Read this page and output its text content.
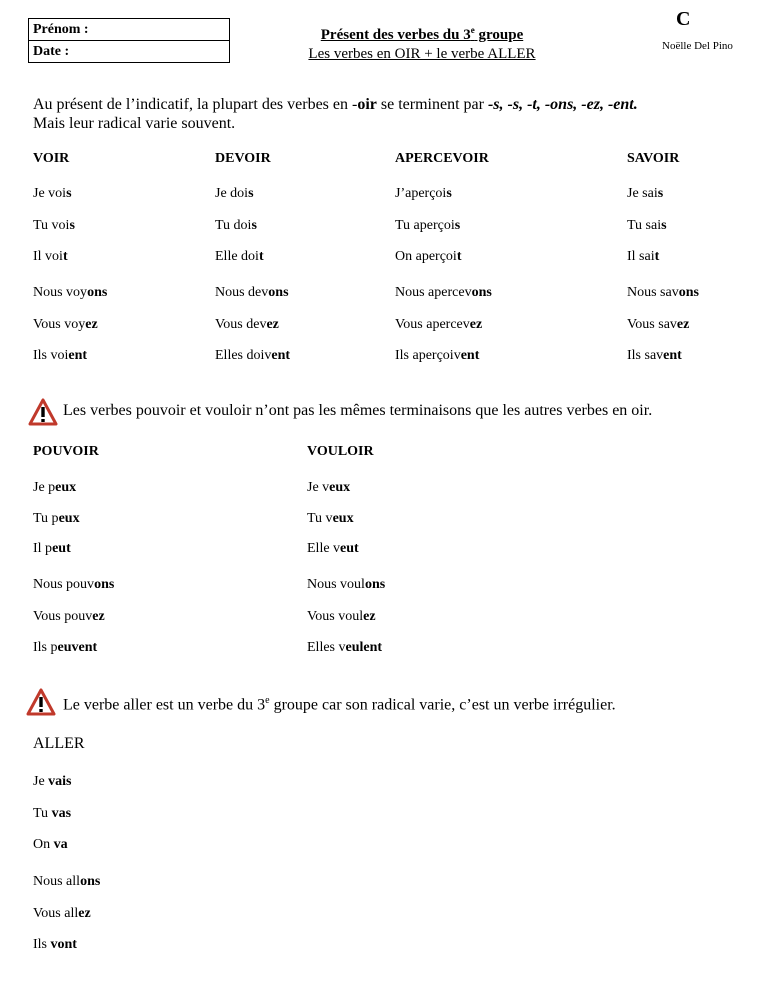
Prénom :
Date :
Présent des verbes du 3e groupe
Les verbes en OIR + le verbe ALLER
C
Noëlle Del Pino
Au présent de l’indicatif, la plupart des verbes en -oir se terminent par -s, -s, -t, -ons, -ez, -ent.
Mais leur radical varie souvent.
VOIR	DEVOIR	APERCEVOIR	SAVOIR
Je vois	Je dois	J’aperçois	Je sais
Tu vois	Tu dois	Tu aperçois	Tu sais
Il voit	Elle doit	On aperçoit	Il sait
Nous voyons	Nous devons	Nous apercevons	Nous savons
Vous voyez	Vous devez	Vous apercevez	Vous savez
Ils voient	Elles doivent	Ils aperçoivent	Ils savent
Les verbes pouvoir et vouloir n’ont pas les mêmes terminaisons que les autres verbes en oir.
POUVOIR	VOULOIR
Je peux	Je veux
Tu peux	Tu veux
Il peut	Elle veut
Nous pouvons	Nous voulons
Vous pouvez	Vous voulez
Ils peuvent	Elles veulent
Le verbe aller est un verbe du 3e groupe car son radical varie, c’est un verbe irrégulier.
ALLER
Je vais
Tu vas
On va
Nous allons
Vous allez
Ils vont
